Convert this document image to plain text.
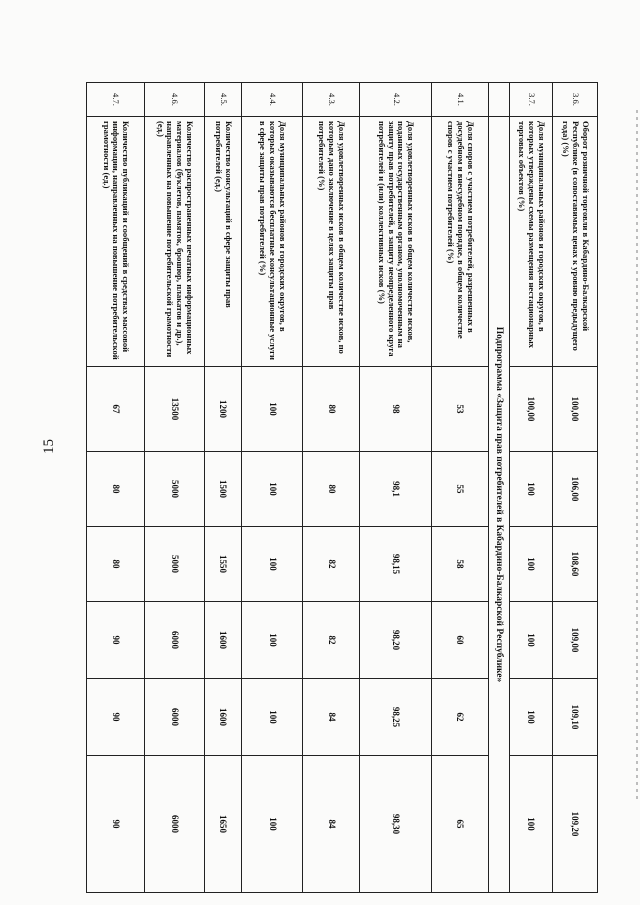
15
3.6.	Оборот розничной торговли в Кабардино-Балкарской Республике (в сопоставимых ценах к уровню предыдущего года) (%)	100,00	106,00	108,60	109,00	109,10	109,20
3.7.	Доля муниципальных районов и городских округов, в которых утверждены схемы размещения нестационарных торговых объектов (%)	100,00	100	100	100	100	100
	Подпрограмма «Защита прав потребителей в Кабардино-Балкарской Республике»						
4.1.	Доля споров с участием потребителей, разрешенных в досудебном и внесудебном порядке, в общем количестве споров с участием потребителей (%)	53	55	58	60	62	65
4.2.	Доля удовлетворенных исков в общем количестве исков, поданных государственным органом, уполномоченным на защиту прав потребителей, в защиту неопределенного круга потребителей и (или) коллективных исков (%)	98	98,1	98,15	98,20	98,25	98,30
4.3.	Доля удовлетворенных исков в общем количестве исков, по которым дано заключение в целях защиты прав потребителей (%)	80	80	82	82	84	84
4.4.	Доля муниципальных районов и городских округов, в которых оказываются бесплатные консультационные услуги в сфере защиты прав потребителей (%)	100	100	100	100	100	100
4.5.	Количество консультаций в сфере защиты прав потребителей (ед.)	1200	1500	1550	1600	1600	1650
4.6.	Количество распространенных печатных информационных материалов (буклетов, памяток, брошюр, плакатов и др.), направленных на повышение потребительской грамотности (ед.)	13500	5000	5000	6000	6000	6000
4.7.	Количество публикаций и сообщений в средствах массовой информации, направленных на повышение потребительской грамотности (ед.)	67	80	80	90	90	90
